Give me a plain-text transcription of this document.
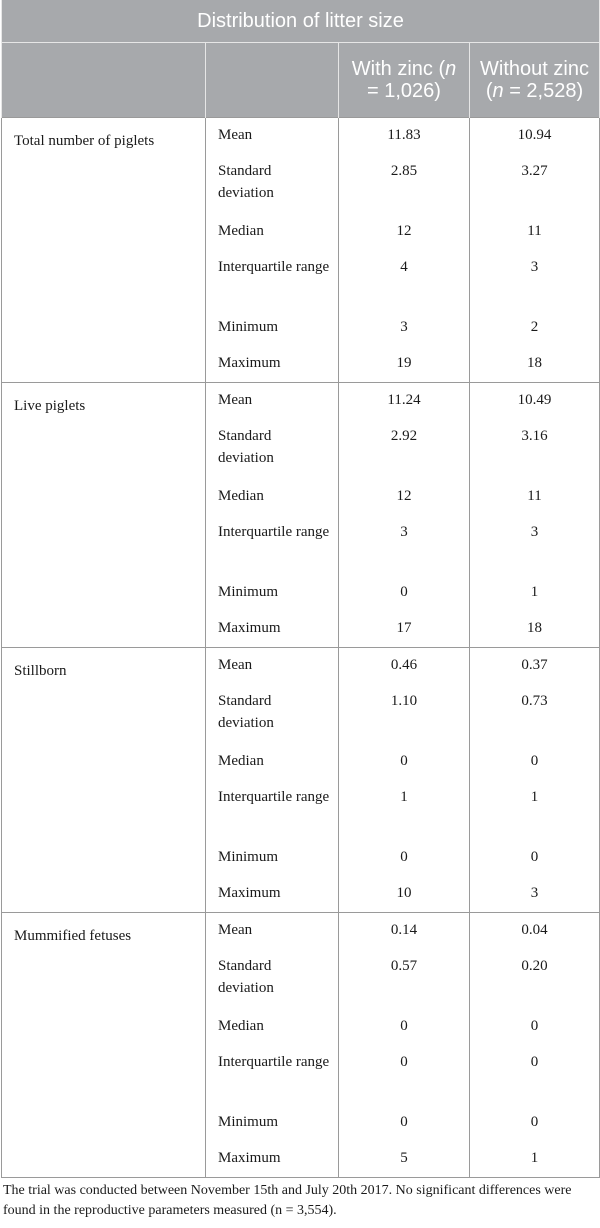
Distribution of litter size			
		With zinc (n = 1,026)	Without zinc (n = 2,528)
Total number of piglets	Mean	11.83	10.94
	Standard deviation	2.85	3.27
	Median	12	11
	Interquartile range	4	3
	Minimum	3	2
	Maximum	19	18
Live piglets	Mean	11.24	10.49
	Standard deviation	2.92	3.16
	Median	12	11
	Interquartile range	3	3
	Minimum	0	1
	Maximum	17	18
Stillborn	Mean	0.46	0.37
	Standard deviation	1.10	0.73
	Median	0	0
	Interquartile range	1	1
	Minimum	0	0
	Maximum	10	3
Mummified fetuses	Mean	0.14	0.04
	Standard deviation	0.57	0.20
	Median	0	0
	Interquartile range	0	0
	Minimum	0	0
	Maximum	5	1
The trial was conducted between November 15th and July 20th 2017. No significant differences were found in the reproductive parameters measured (n = 3,554).
